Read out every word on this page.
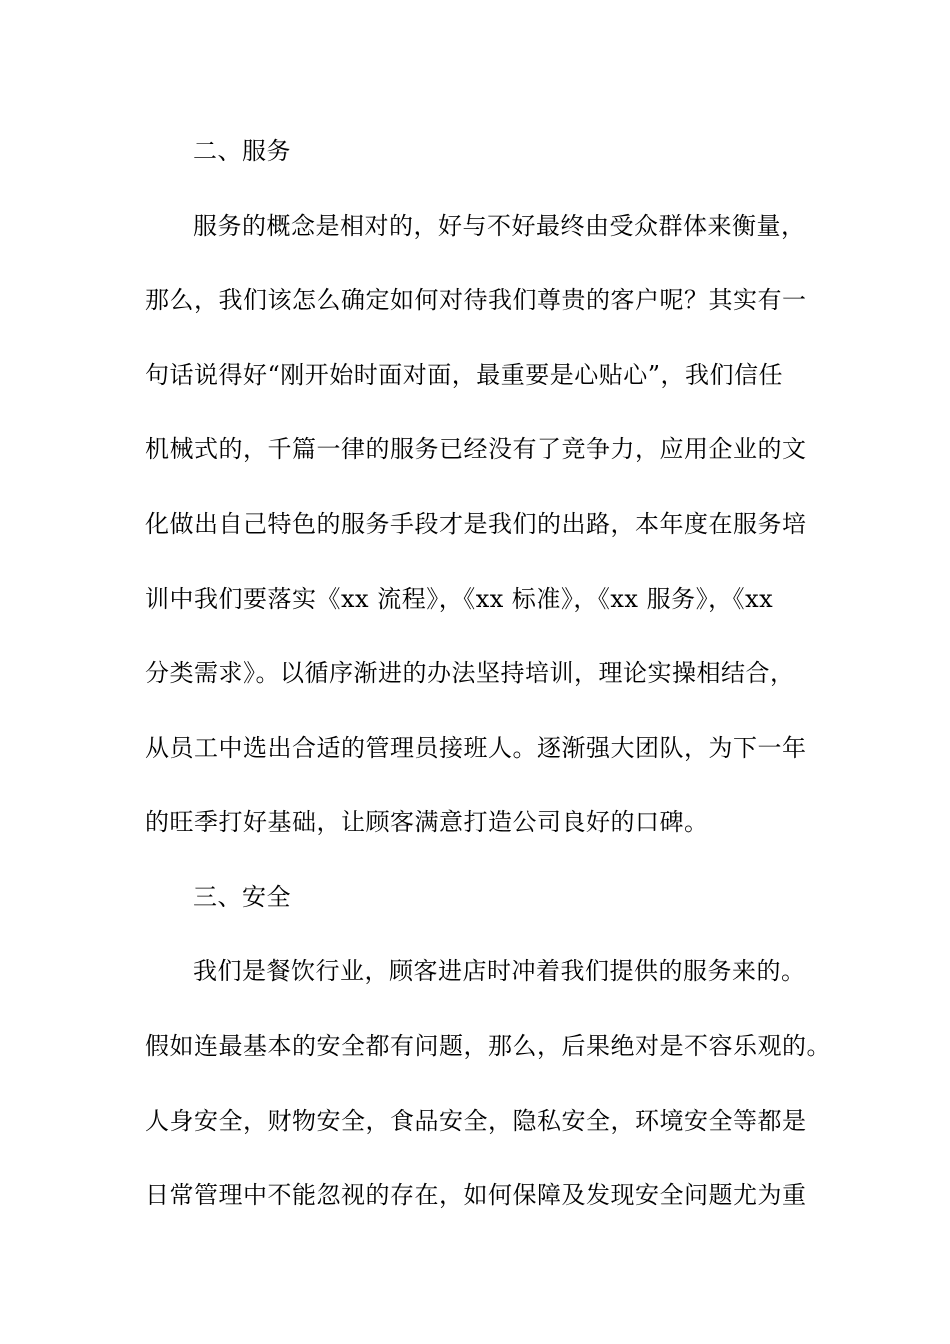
二、服务
服务的概念是相对的，好与不好最终由受众群体来衡量，
那么，我们该怎么确定如何对待我们尊贵的客户呢？其实有一
句话说得好“刚开始时面对面，最重要是心贴心”，我们信任
机械式的，千篇一律的服务已经没有了竞争力，应用企业的文
化做出自己特色的服务手段才是我们的出路，本年度在服务培
训中我们要落实《xx 流程》，《xx 标准》，《xx 服务》，《xx
分类需求》。以循序渐进的办法坚持培训，理论实操相结合，
从员工中选出合适的管理员接班人。逐渐强大团队，为下一年
的旺季打好基础，让顾客满意打造公司良好的口碑。
三、安全
我们是餐饮行业，顾客进店时冲着我们提供的服务来的。
假如连最基本的安全都有问题，那么，后果绝对是不容乐观的。
人身安全，财物安全，食品安全，隐私安全，环境安全等都是
日常管理中不能忽视的存在，如何保障及发现安全问题尤为重
